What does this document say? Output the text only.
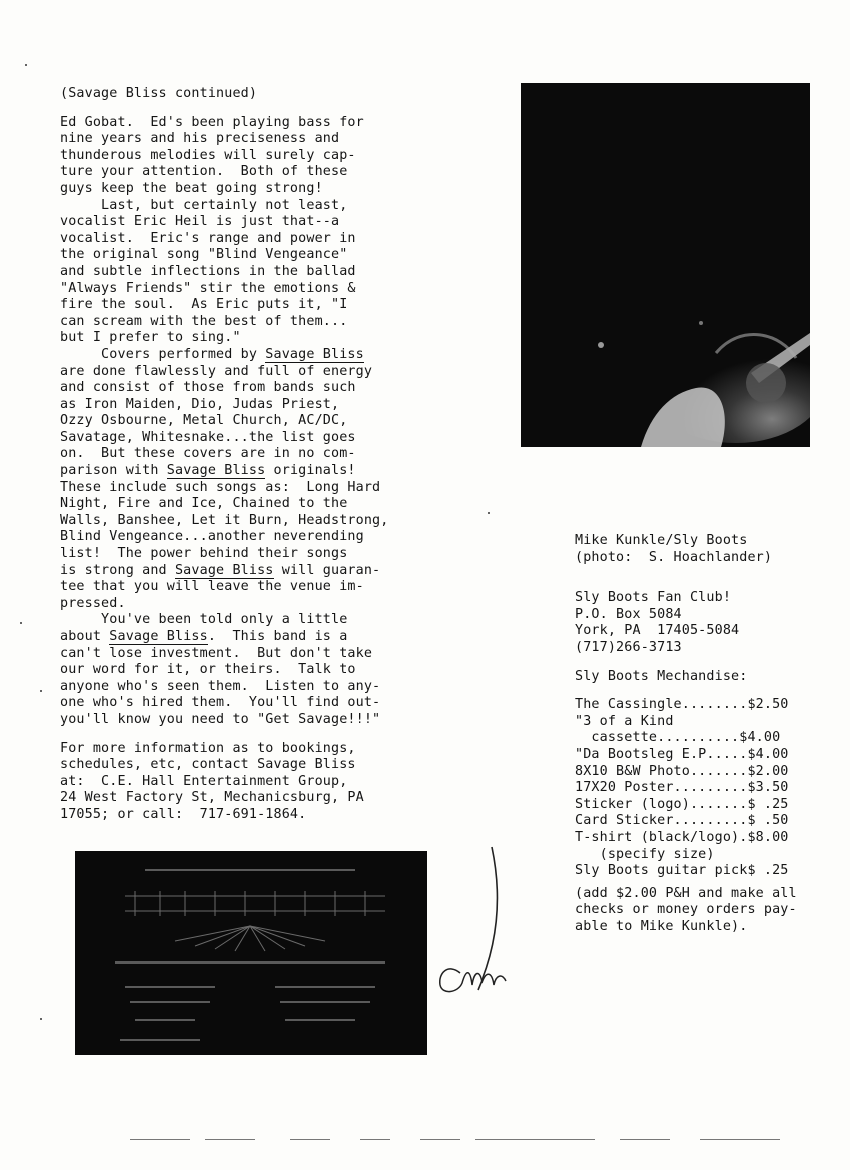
(Savage Bliss continued)
Ed Gobat.  Ed's been playing bass for
nine years and his preciseness and
thunderous melodies will surely cap-
ture your attention.  Both of these
guys keep the beat going strong!
Last, but certainly not least,
vocalist Eric Heil is just that--a
vocalist.  Eric's range and power in
the original song "Blind Vengeance"
and subtle inflections in the ballad
"Always Friends" stir the emotions &
fire the soul.  As Eric puts it, "I
can scream with the best of them...
but I prefer to sing."
Covers performed by Savage Bliss
are done flawlessly and full of energy
and consist of those from bands such
as Iron Maiden, Dio, Judas Priest,
Ozzy Osbourne, Metal Church, AC/DC,
Savatage, Whitesnake...the list goes
on.  But these covers are in no com-
parison with Savage Bliss originals!
These include such songs as:  Long Hard
Night, Fire and Ice, Chained to the
Walls, Banshee, Let it Burn, Headstrong,
Blind Vengeance...another neverending
list!  The power behind their songs
is strong and Savage Bliss will guaran-
tee that you will leave the venue im-
pressed.
You've been told only a little
about Savage Bliss.  This band is a
can't lose investment.  But don't take
our word for it, or theirs.  Talk to
anyone who's seen them.  Listen to any-
one who's hired them.  You'll find out-
you'll know you need to "Get Savage!!!"
For more information as to bookings,
schedules, etc, contact Savage Bliss
at:  C.E. Hall Entertainment Group,
24 West Factory St, Mechanicsburg, PA
17055; or call:  717-691-1864.
Mike Kunkle/Sly Boots
(photo:  S. Hoachlander)
Sly Boots Fan Club!
P.O. Box 5084
York, PA  17405-5084
(717)266-3713
Sly Boots Mechandise:
The Cassingle........$2.50
"3 of a Kind
cassette..........$4.00
"Da Bootsleg E.P.....$4.00
8X10 B&W Photo.......$2.00
17X20 Poster.........$3.50
Sticker (logo).......$ .25
Card Sticker.........$ .50
T-shirt (black/logo).$8.00
(specify size)
Sly Boots guitar pick$ .25
(add $2.00 P&H and make all
checks or money orders pay-
able to Mike Kunkle).
